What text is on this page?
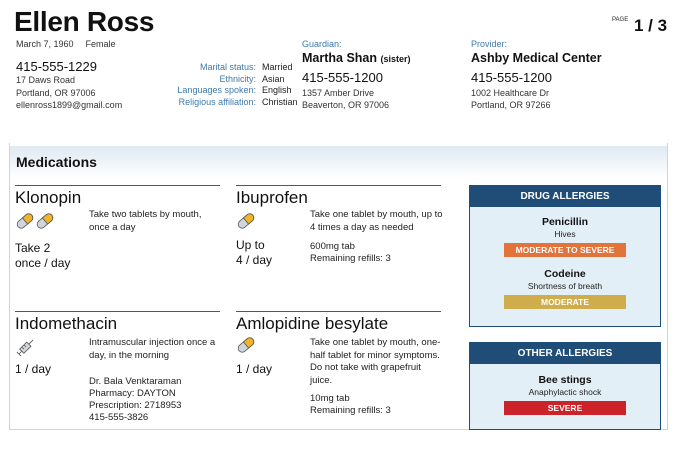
Ellen Ross
March 7, 1960 Female
415-555-1229
17 Daws Road
Portland, OR 97006
ellenross1899@gmail.com
Marital status: Married
Ethnicity: Asian
Languages spoken: English
Religious affiliation: Christian
Guardian:
Martha Shan (sister)
415-555-1200
1357 Amber Drive
Beaverton, OR 97006
Provider:
Ashby Medical Center
415-555-1200
1002 Healthcare Dr
Portland, OR 97266
PAGE 1 / 3
Medications
Klonopin
Take two tablets by mouth, once a day
Take 2
once / day
Ibuprofen
Take one tablet by mouth, up to 4 times a day as needed
Up to
4 / day
600mg tab
Remaining refills: 3
Indomethacin
Intramuscular injection once a day, in the morning
1 / day
Dr. Bala Venktaraman
Pharmacy: DAYTON
Prescription: 2718953
415-555-3826
Amlopidine besylate
Take one tablet by mouth, one-half tablet for minor symptoms. Do not take with grapefruit juice.
1 / day
10mg tab
Remaining refills: 3
DRUG ALLERGIES
Penicillin
Hives
MODERATE TO SEVERE
Codeine
Shortness of breath
MODERATE
OTHER ALLERGIES
Bee stings
Anaphylactic shock
SEVERE
